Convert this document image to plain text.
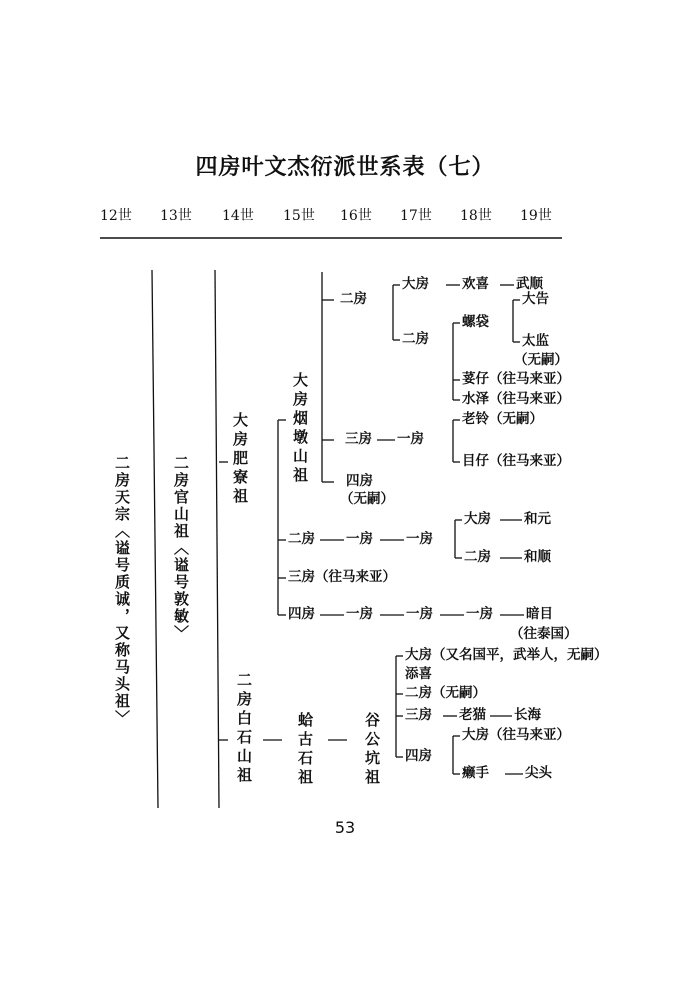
四房叶文杰衍派世系表（七）
12世 13世 14世 15世 16世 17世 18世 19世
二房天宗〈谥号质诚，又称马头祖〉	二房官山祖〈谥号敦敏〉	大房肥寮祖
二房白石山祖
大房烟墩山祖
蛤古石祖	谷公坑祖
二房
大房 欢喜 武顺
二房
螺袋
大告
太监
（无嗣）
荽仔（往马来亚）
水泽（往马来亚）
三房 一房
老铃（无嗣）
目仔（往马来亚）
四房
（无嗣）
二房 一房 一房
大房 和元
二房 和顺
三房（往马来亚）
四房 一房 一房 一房 暗目
（往泰国）
大房（又名国平，武举人，无嗣）
添喜
二房（无嗣）
三房 老猫 长海
四房
大房（往马来亚）
癞手	尖头
53
